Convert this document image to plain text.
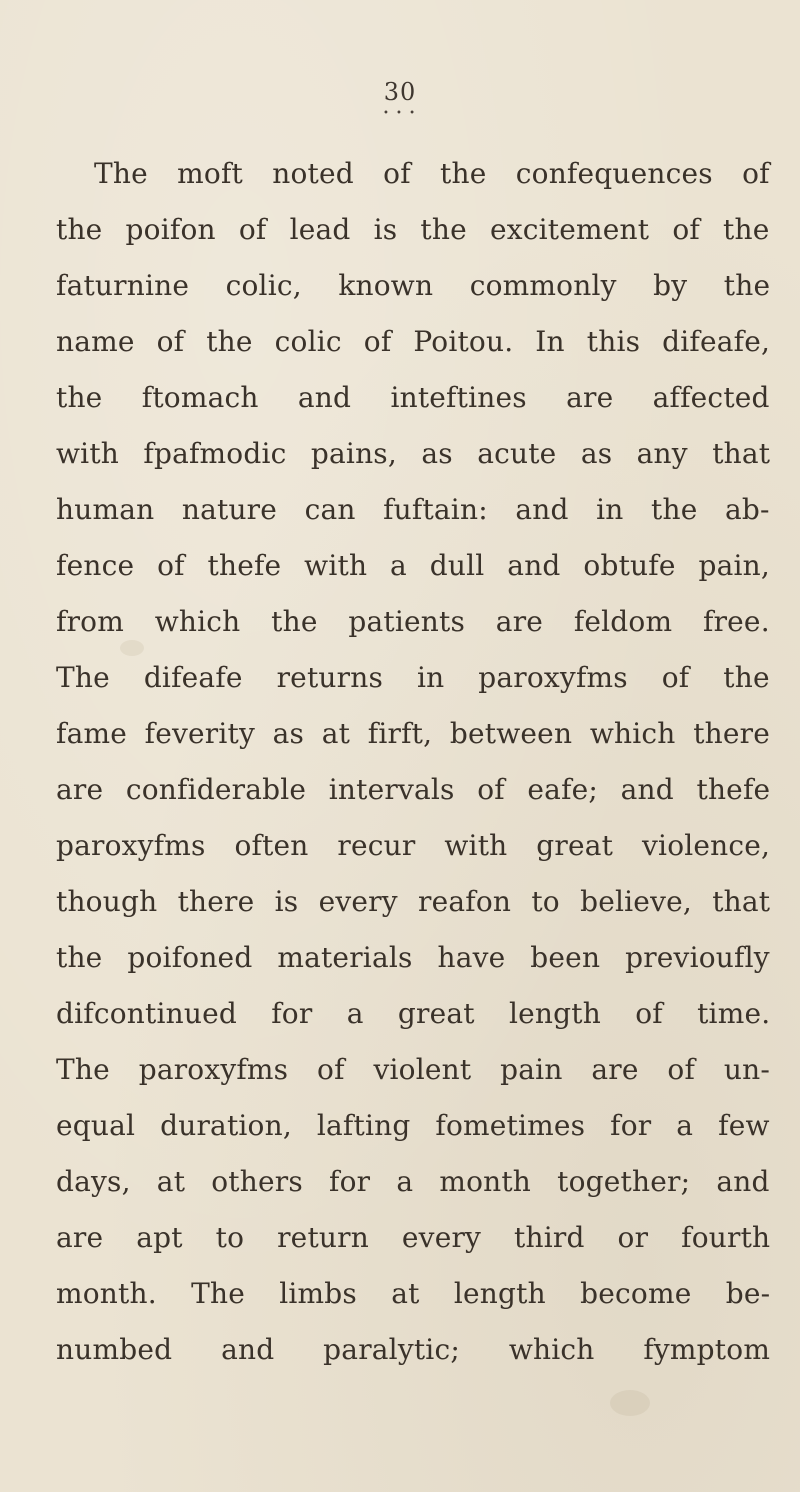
30
• • •
The moft noted of the confequences of
the poifon of lead is the excitement of the
faturnine colic, known commonly by the
name of the colic of Poitou. In this difeafe,
the ftomach and inteftines are affected
with fpafmodic pains, as acute as any that
human nature can fuftain: and in the ab-
fence of thefe with a dull and obtufe pain,
from which the patients are feldom free.
The difeafe returns in paroxyfms of the
fame feverity as at firft, between which there
are confiderable intervals of eafe; and thefe
paroxyfms often recur with great violence,
though there is every reafon to believe, that
the poifoned materials have been previoufly
difcontinued for a great length of time.
The paroxyfms of violent pain are of un-
equal duration, lafting fometimes for a few
days, at others for a month together; and
are apt to return every third or fourth
month. The limbs at length become be-
numbed and paralytic; which fymptom
